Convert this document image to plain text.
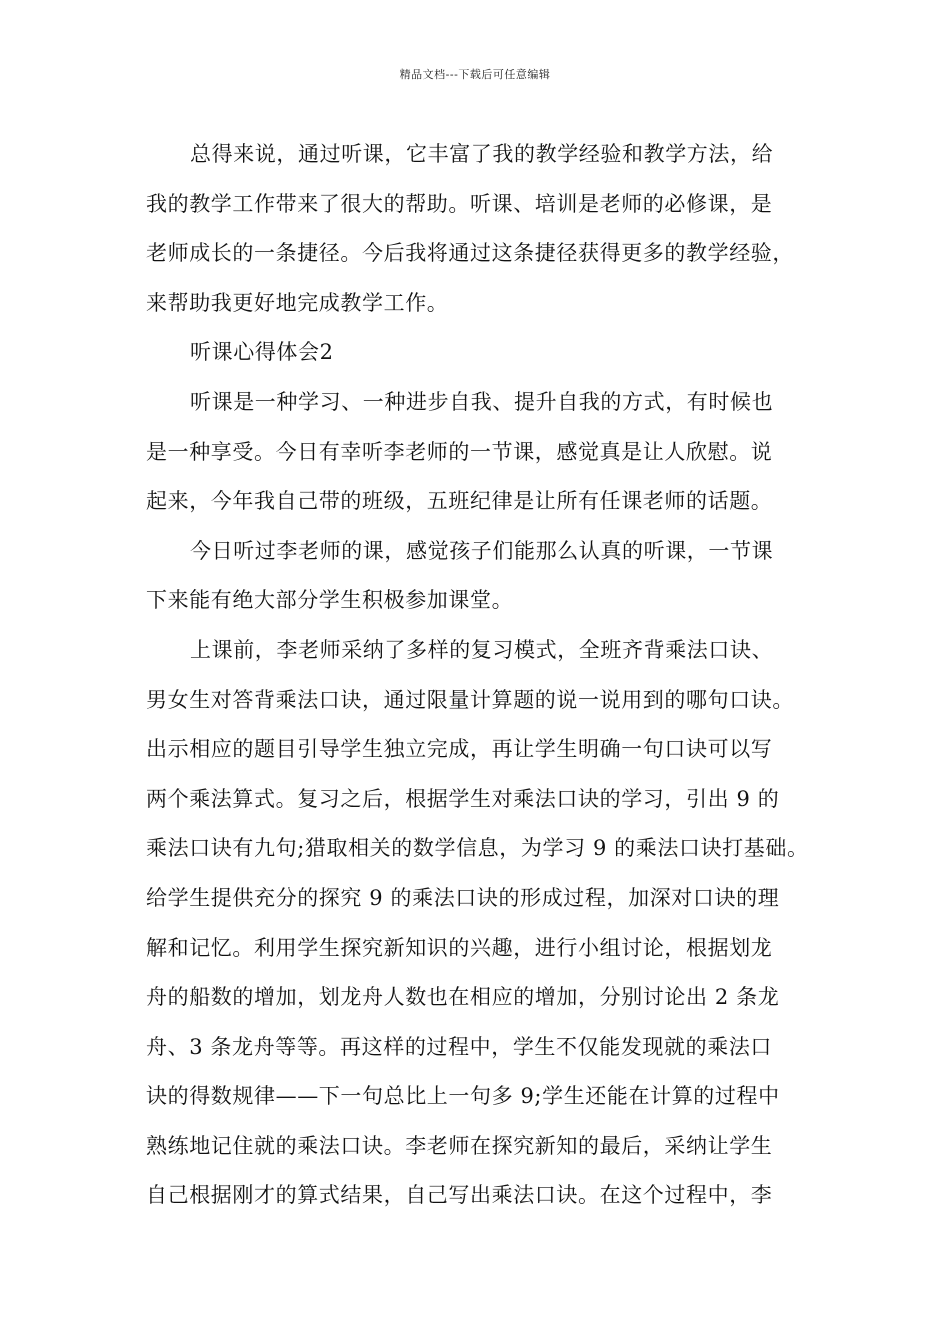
精品文档---下载后可任意编辑
总得来说，通过听课，它丰富了我的教学经验和教学方法，给
我的教学工作带来了很大的帮助。听课、培训是老师的必修课，是
老师成长的一条捷径。今后我将通过这条捷径获得更多的教学经验，
来帮助我更好地完成教学工作。
听课心得体会2
听课是一种学习、一种进步自我、提升自我的方式，有时候也
是一种享受。今日有幸听李老师的一节课，感觉真是让人欣慰。说
起来，今年我自己带的班级，五班纪律是让所有任课老师的话题。
今日听过李老师的课，感觉孩子们能那么认真的听课，一节课
下来能有绝大部分学生积极参加课堂。
上课前，李老师采纳了多样的复习模式，全班齐背乘法口诀、
男女生对答背乘法口诀，通过限量计算题的说一说用到的哪句口诀。
出示相应的题目引导学生独立完成，再让学生明确一句口诀可以写
两个乘法算式。复习之后，根据学生对乘法口诀的学习，引出 9 的
乘法口诀有九句;猎取相关的数学信息，为学习 9 的乘法口诀打基础。
给学生提供充分的探究 9 的乘法口诀的形成过程，加深对口诀的理
解和记忆。利用学生探究新知识的兴趣，进行小组讨论，根据划龙
舟的船数的增加，划龙舟人数也在相应的增加，分别讨论出 2 条龙
舟、3 条龙舟等等。再这样的过程中，学生不仅能发现就的乘法口
诀的得数规律——下一句总比上一句多 9;学生还能在计算的过程中
熟练地记住就的乘法口诀。李老师在探究新知的最后，采纳让学生
自己根据刚才的算式结果，自己写出乘法口诀。在这个过程中，李
